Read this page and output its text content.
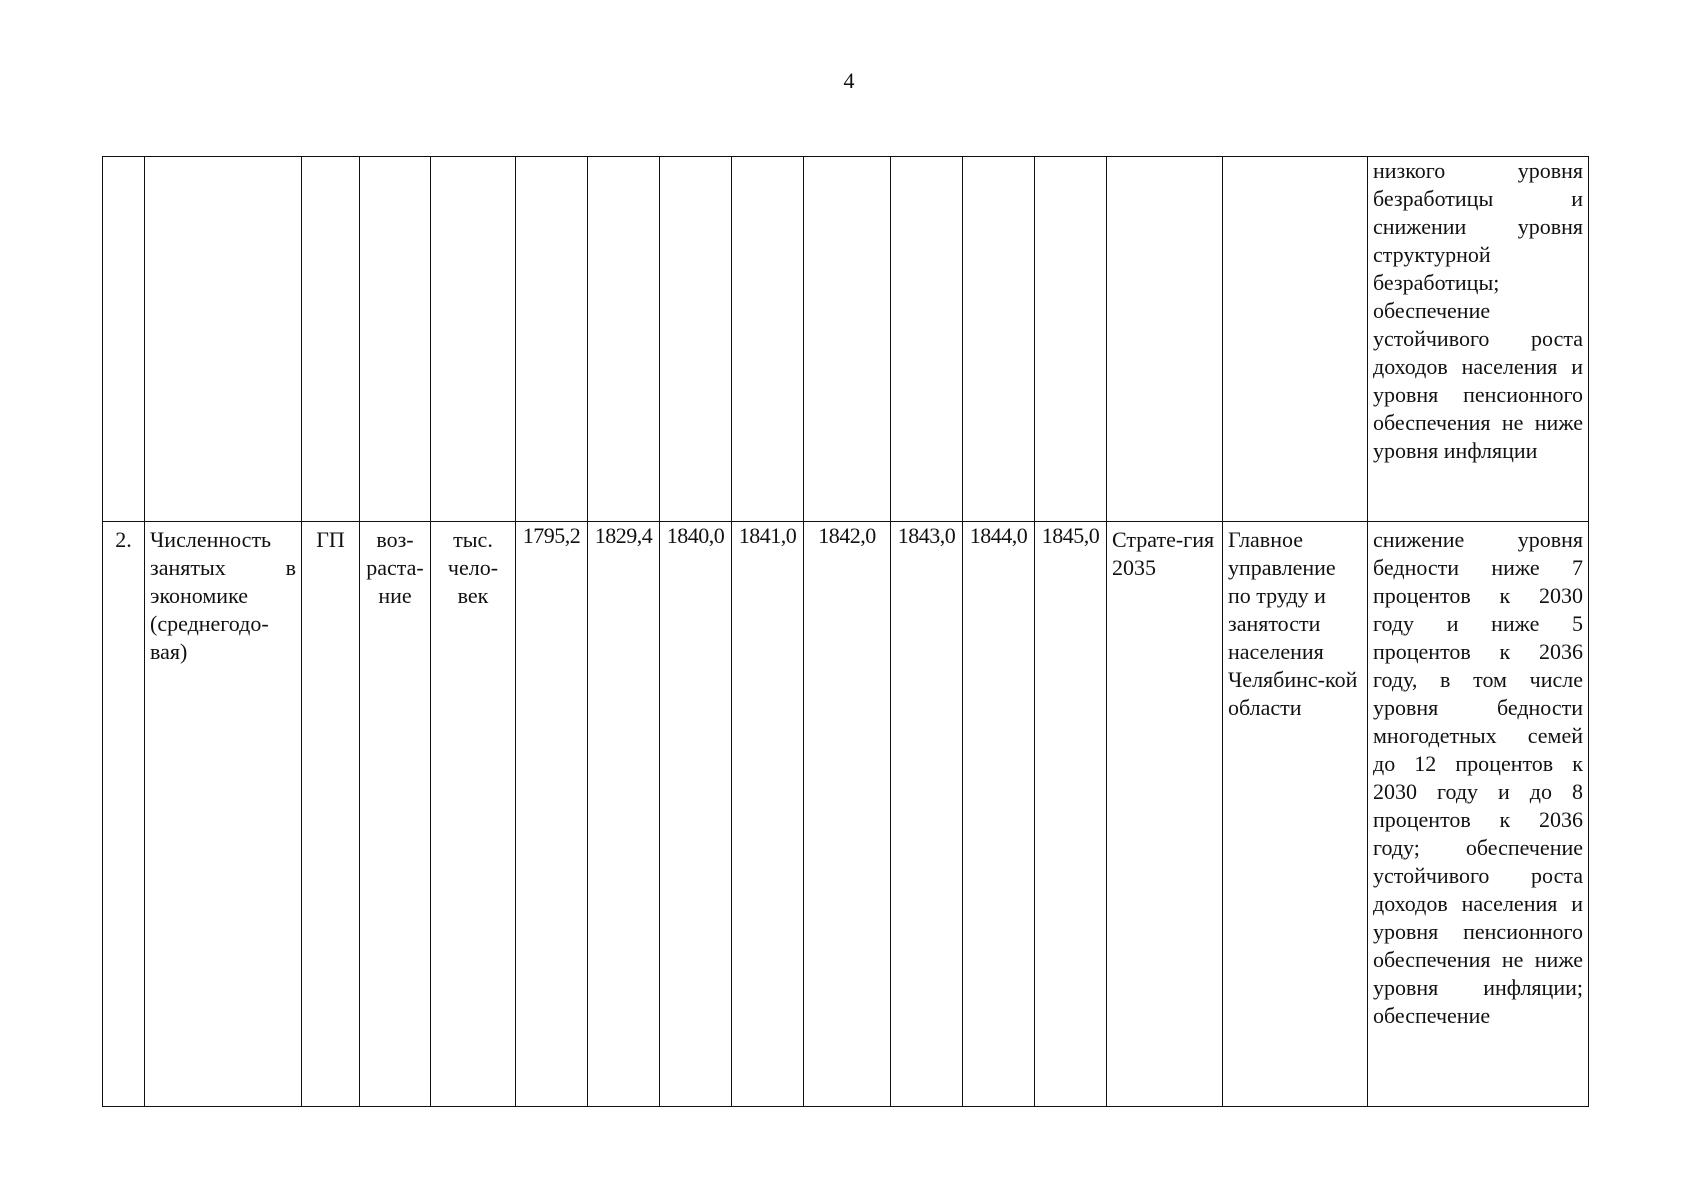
4
															низкого уровня безработицы и снижении уровня структурной безработицы; обеспечение устойчивого роста доходов населения и уровня пенсионного обеспечения не ниже уровня инфляции
2.	Численность занятых в экономике (среднегодо-вая)	ГП	воз-раста-ние	тыс. чело-век	1795,2	1829,4	1840,0	1841,0	1842,0	1843,0	1844,0	1845,0	Страте-гия 2035	Главное управление по труду и занятости населения Челябинс-кой области	снижение уровня бедности ниже 7 процентов к 2030 году и ниже 5 процентов к 2036 году, в том числе уровня бедности многодетных семей до 12 процентов к 2030 году и до 8 процентов к 2036 году; обеспечение устойчивого роста доходов населения и уровня пенсионного обеспечения не ниже уровня инфляции; обеспечение
